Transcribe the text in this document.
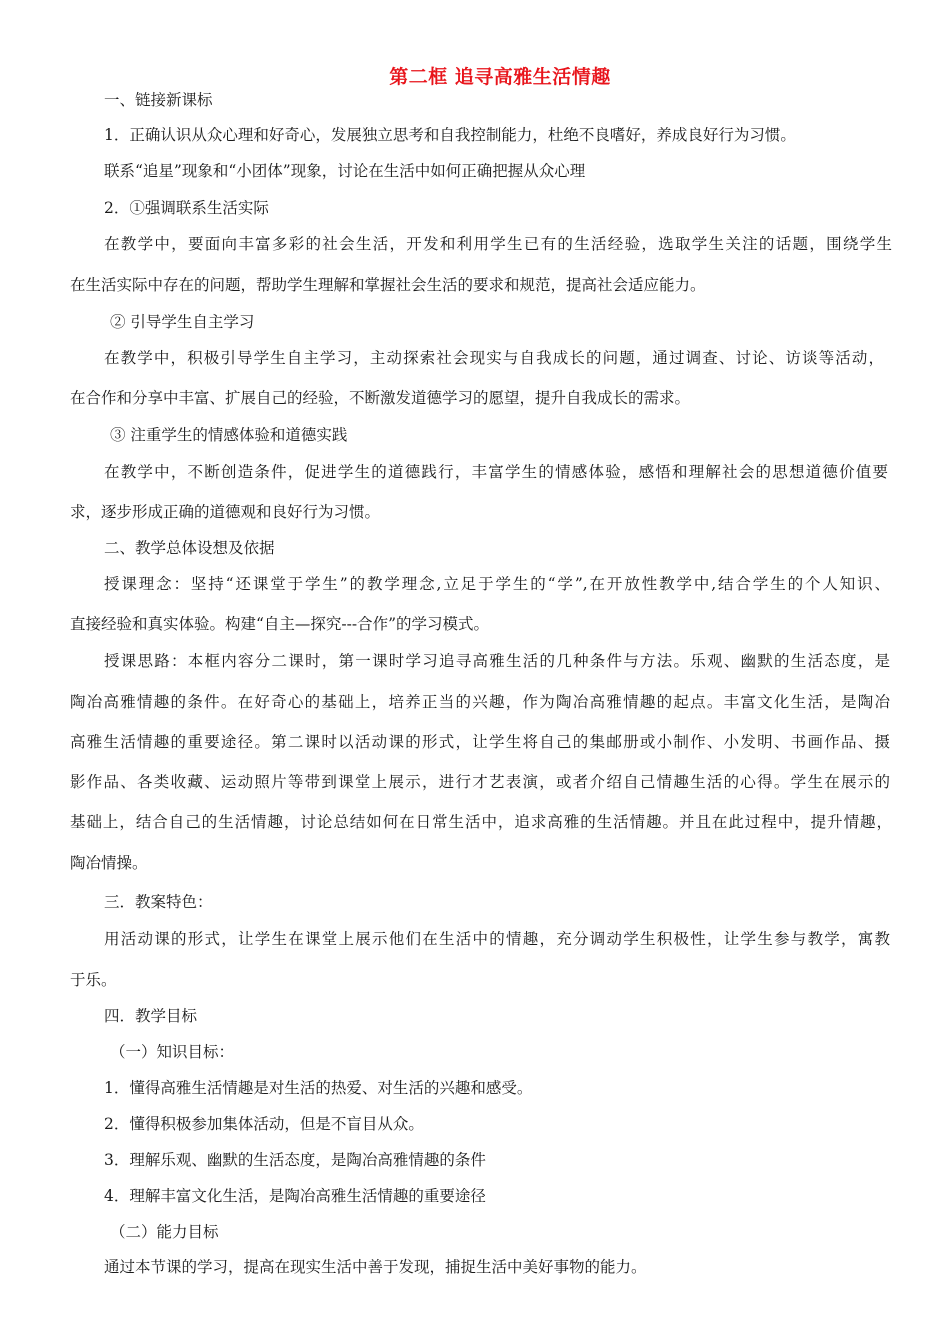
第二框 追寻高雅生活情趣
一、链接新课标
1．正确认识从众心理和好奇心，发展独立思考和自我控制能力，杜绝不良嗜好，养成良好行为习惯。
联系“追星”现象和“小团体”现象，讨论在生活中如何正确把握从众心理
2．①强调联系生活实际
在教学中，要面向丰富多彩的社会生活，开发和利用学生已有的生活经验，选取学生关注的话题，围绕学生
在生活实际中存在的问题，帮助学生理解和掌握社会生活的要求和规范，提高社会适应能力。
② 引导学生自主学习
在教学中，积极引导学生自主学习，主动探索社会现实与自我成长的问题，通过调查、讨论、访谈等活动，
在合作和分享中丰富、扩展自己的经验，不断激发道德学习的愿望，提升自我成长的需求。
③ 注重学生的情感体验和道德实践
在教学中，不断创造条件，促进学生的道德践行，丰富学生的情感体验，感悟和理解社会的思想道德价值要
求，逐步形成正确的道德观和良好行为习惯。
二、教学总体设想及依据
授课理念：坚持“还课堂于学生”的教学理念,立足于学生的“学”,在开放性教学中,结合学生的个人知识、
直接经验和真实体验。构建“自主—探究---合作”的学习模式。
授课思路：本框内容分二课时，第一课时学习追寻高雅生活的几种条件与方法。乐观、幽默的生活态度，是
陶冶高雅情趣的条件。在好奇心的基础上，培养正当的兴趣，作为陶冶高雅情趣的起点。丰富文化生活，是陶冶
高雅生活情趣的重要途径。第二课时以活动课的形式，让学生将自己的集邮册或小制作、小发明、书画作品、摄
影作品、各类收藏、运动照片等带到课堂上展示，进行才艺表演，或者介绍自己情趣生活的心得。学生在展示的
基础上，结合自己的生活情趣，讨论总结如何在日常生活中，追求高雅的生活情趣。并且在此过程中，提升情趣，
陶冶情操。
三．教案特色：
用活动课的形式，让学生在课堂上展示他们在生活中的情趣，充分调动学生积极性，让学生参与教学，寓教
于乐。
四．教学目标
（一）知识目标：
1．懂得高雅生活情趣是对生活的热爱、对生活的兴趣和感受。
2．懂得积极参加集体活动，但是不盲目从众。
3．理解乐观、幽默的生活态度，是陶冶高雅情趣的条件
4．理解丰富文化生活，是陶冶高雅生活情趣的重要途径
（二）能力目标
通过本节课的学习，提高在现实生活中善于发现，捕捉生活中美好事物的能力。
